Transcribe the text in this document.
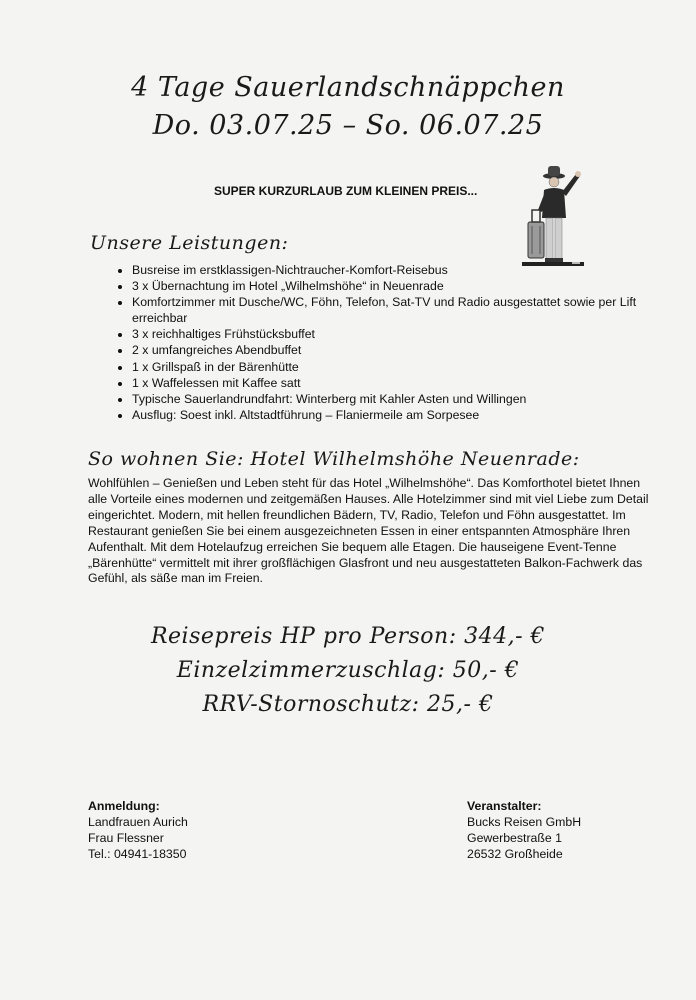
4 Tage Sauerlandschnäppchen
Do. 03.07.25 – So. 06.07.25
SUPER KURZURLAUB ZUM KLEINEN PREIS...
Unsere Leistungen:
• Busreise im erstklassigen-Nichtraucher-Komfort-Reisebus
• 3 x Übernachtung im Hotel „Wilhelmshöhe“ in Neuenrade
• Komfortzimmer mit Dusche/WC, Föhn, Telefon, Sat-TV und Radio ausgestattet sowie per Lift erreichbar
• 3 x reichhaltiges Frühstücksbuffet
• 2 x umfangreiches Abendbuffet
• 1 x Grillspaß in der Bärenhütte
• 1 x Waffelessen mit Kaffee satt
• Typische Sauerlandrundfahrt: Winterberg mit Kahler Asten und Willingen
• Ausflug: Soest inkl. Altstadtführung – Flaniermeile am Sorpesee
So wohnen Sie: Hotel Wilhelmshöhe Neuenrade:
Wohlfühlen – Genießen und Leben steht für das Hotel „Wilhelmshöhe“. Das Komforthotel bietet Ihnen alle Vorteile eines modernen und zeitgemäßen Hauses. Alle Hotelzimmer sind mit viel Liebe zum Detail eingerichtet. Modern, mit hellen freundlichen Bädern, TV, Radio, Telefon und Föhn ausgestattet. Im Restaurant genießen Sie bei einem ausgezeichneten Essen in einer entspannten Atmosphäre Ihren Aufenthalt. Mit dem Hotelaufzug erreichen Sie bequem alle Etagen. Die hauseigene Event-Tenne „Bärenhütte“ vermittelt mit ihrer großflächigen Glasfront und neu ausgestatteten Balkon-Fachwerk das Gefühl, als säße man im Freien.
Reisepreis HP pro Person: 344,- €
Einzelzimmerzuschlag: 50,- €
RRV-Stornoschutz: 25,- €
Anmeldung:
Landfrauen Aurich
Frau Flessner
Tel.: 04941-18350
Veranstalter:
Bucks Reisen GmbH
Gewerbestraße 1
26532 Großheide
